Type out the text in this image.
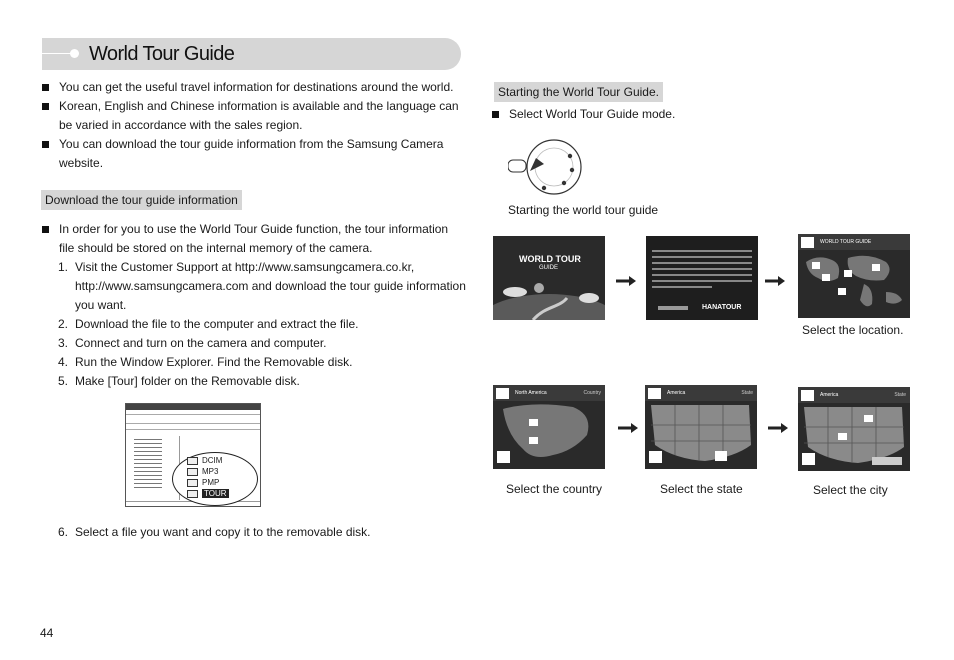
World Tour Guide
You can get the useful travel information for destinations around the world.
Korean, English and Chinese information is available and the language can be varied in accordance with the sales region.
You can download the tour guide information from the Samsung Camera website.
Download the tour guide information
In order for you to use the World Tour Guide function, the tour information file should be stored on the internal memory of the camera.
1. Visit the Customer Support at http://www.samsungcamera.co.kr, http://www.samsungcamera.com and download the tour guide information you want.
2. Download the file to the computer and extract the file.
3. Connect and turn on the camera and computer.
4. Run the Window Explorer. Find the Removable disk.
5. Make [Tour] folder on the Removable disk.
DCIM
MP3
PMP
TOUR
6. Select a file you want and copy it to the removable disk.
Starting the World Tour Guide.
Select World Tour Guide mode.
Starting the world tour guide
WORLD TOUR
GUIDE
HANATOUR
WORLD TOUR GUIDE
Select the location.
North America	Country
Select the country
America	State
Select the state
America	State
Select the city
44
